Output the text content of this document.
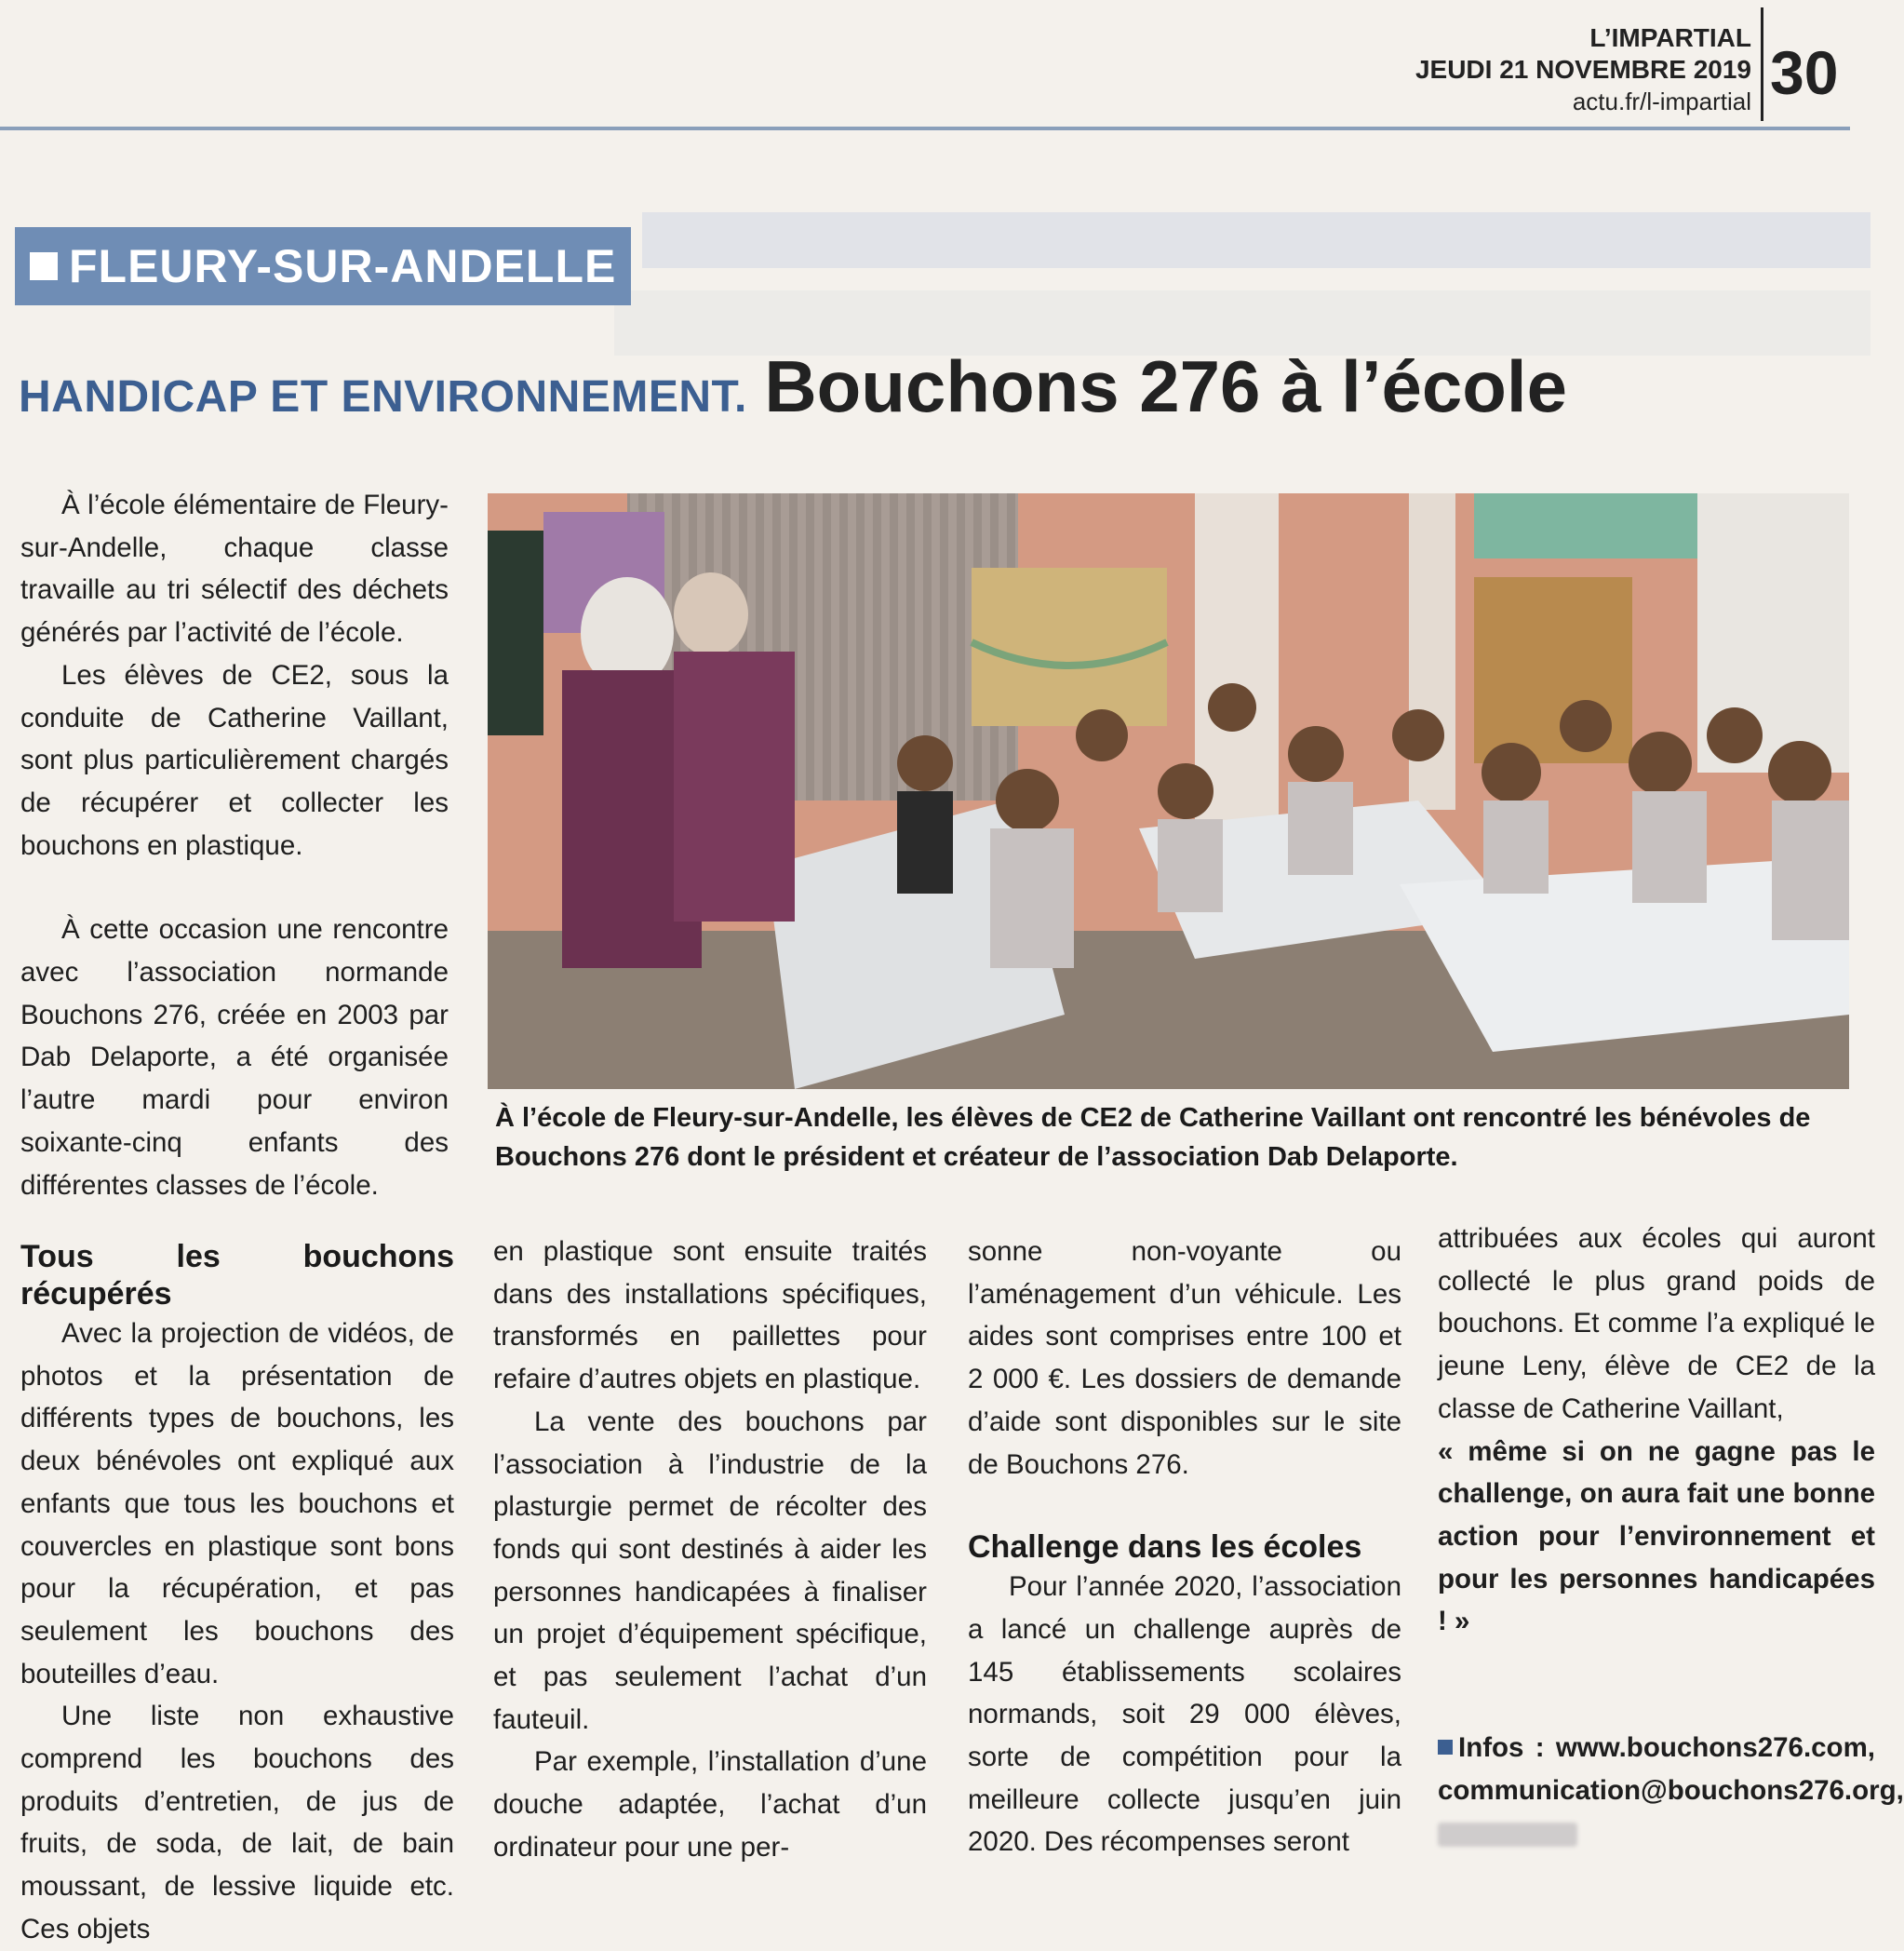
L’IMPARTIAL
JEUDI 21 NOVEMBRE 2019
actu.fr/l-impartial 30
FLEURY-SUR-ANDELLE
HANDICAP ET ENVIRONNEMENT. Bouchons 276 à l’école

À l’école élémentaire de Fleury-sur-Andelle, chaque classe travaille au tri sélectif des déchets générés par l’activité de l’école.

Les élèves de CE2, sous la conduite de Catherine Vaillant, sont plus particulièrement chargés de récupérer et collecter les bouchons en plastique.

À cette occasion une rencontre avec l’association normande Bouchons 276, créée en 2003 par Dab Delaporte, a été organisée l’autre mardi pour environ soixante-cinq enfants des différentes classes de l’école.

À l’école de Fleury-sur-Andelle, les élèves de CE2 de Catherine Vaillant ont rencontré les bénévoles de Bouchons 276 dont le président et créateur de l’association Dab Delaporte.
Tous les bouchons récupérés

Avec la projection de vidéos, de photos et la présentation de différents types de bouchons, les deux bénévoles ont expliqué aux enfants que tous les bouchons et couvercles en plastique sont bons pour la récupération, et pas seulement les bouchons des bouteilles d’eau.

Une liste non exhaustive comprend les bouchons des produits d’entretien, de jus de fruits, de soda, de lait, de bain moussant, de lessive liquide etc. Ces objets

en plastique sont ensuite traités dans des installations spécifiques, transformés en paillettes pour refaire d’autres objets en plastique.

La vente des bouchons par l’association à l’industrie de la plasturgie permet de récolter des fonds qui sont destinés à aider les personnes handicapées à finaliser un projet d’équipement spécifique, et pas seulement l’achat d’un fauteuil.

Par exemple, l’installation d’une douche adaptée, l’achat d’un ordinateur pour une per-

sonne non-voyante ou l’aménagement d’un véhicule. Les aides sont comprises entre 100 et 2 000 €. Les dossiers de demande d’aide sont disponibles sur le site de Bouchons 276.

Challenge dans les écoles

Pour l’année 2020, l’association a lancé un challenge auprès de 145 établissements scolaires normands, soit 29 000 élèves, sorte de compétition pour la meilleure collecte jusqu’en juin 2020. Des récompenses seront

attribuées aux écoles qui auront collecté le plus grand poids de bouchons. Et comme l’a expliqué le jeune Leny, élève de CE2 de la classe de Catherine Vaillant,

« même si on ne gagne pas le challenge, on aura fait une bonne action pour l’environnement et pour les personnes handicapées ! »

Infos : www.bouchons276.com, communication@bouchons276.org,
